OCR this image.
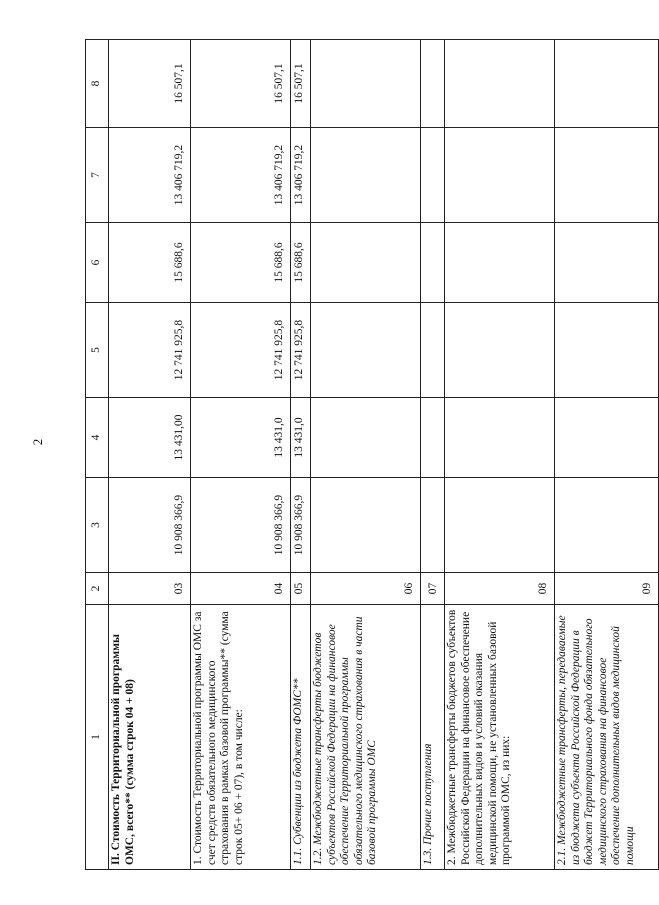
2
1	2	3	4	5	6	7	8
II. Стоимость Территориальной программы ОМС, всего** (сумма строк 04 + 08)	03	10 908 366,9	13 431,00	12 741 925,8	15 688,6	13 406 719,2	16 507,1
1. Стоимость Территориальной программы ОМС за счет средств обязательного медицинского страхования в рамках базовой программы** (сумма строк 05+ 06 + 07), в том числе:	04	10 908 366,9	13 431,0	12 741 925,8	15 688,6	13 406 719,2	16 507,1
1.1. Субвенции из бюджета ФОМС**	05	10 908 366,9	13 431,0	12 741 925,8	15 688,6	13 406 719,2	16 507,1
1.2. Межбюджетные трансферты бюджетов субъектов Российской Федерации на финансовое обеспечение Территориальной программы обязательного медицинского страхования в части базовой программы ОМС	06						
1.3. Прочие поступления	07						
2. Межбюджетные трансферты бюджетов субъектов Российской Федерации на финансовое обеспечение дополнительных видов и условий оказания медицинской помощи, не установленных базовой программой ОМС, из них:	08						
2.1. Межбюджетные трансферты, передаваемые из бюджета субъекта Российской Федерации в бюджет Территориального фонда обязательного медицинского страхования на финансовое обеспечение дополнительных видов медицинской помощи	09						
